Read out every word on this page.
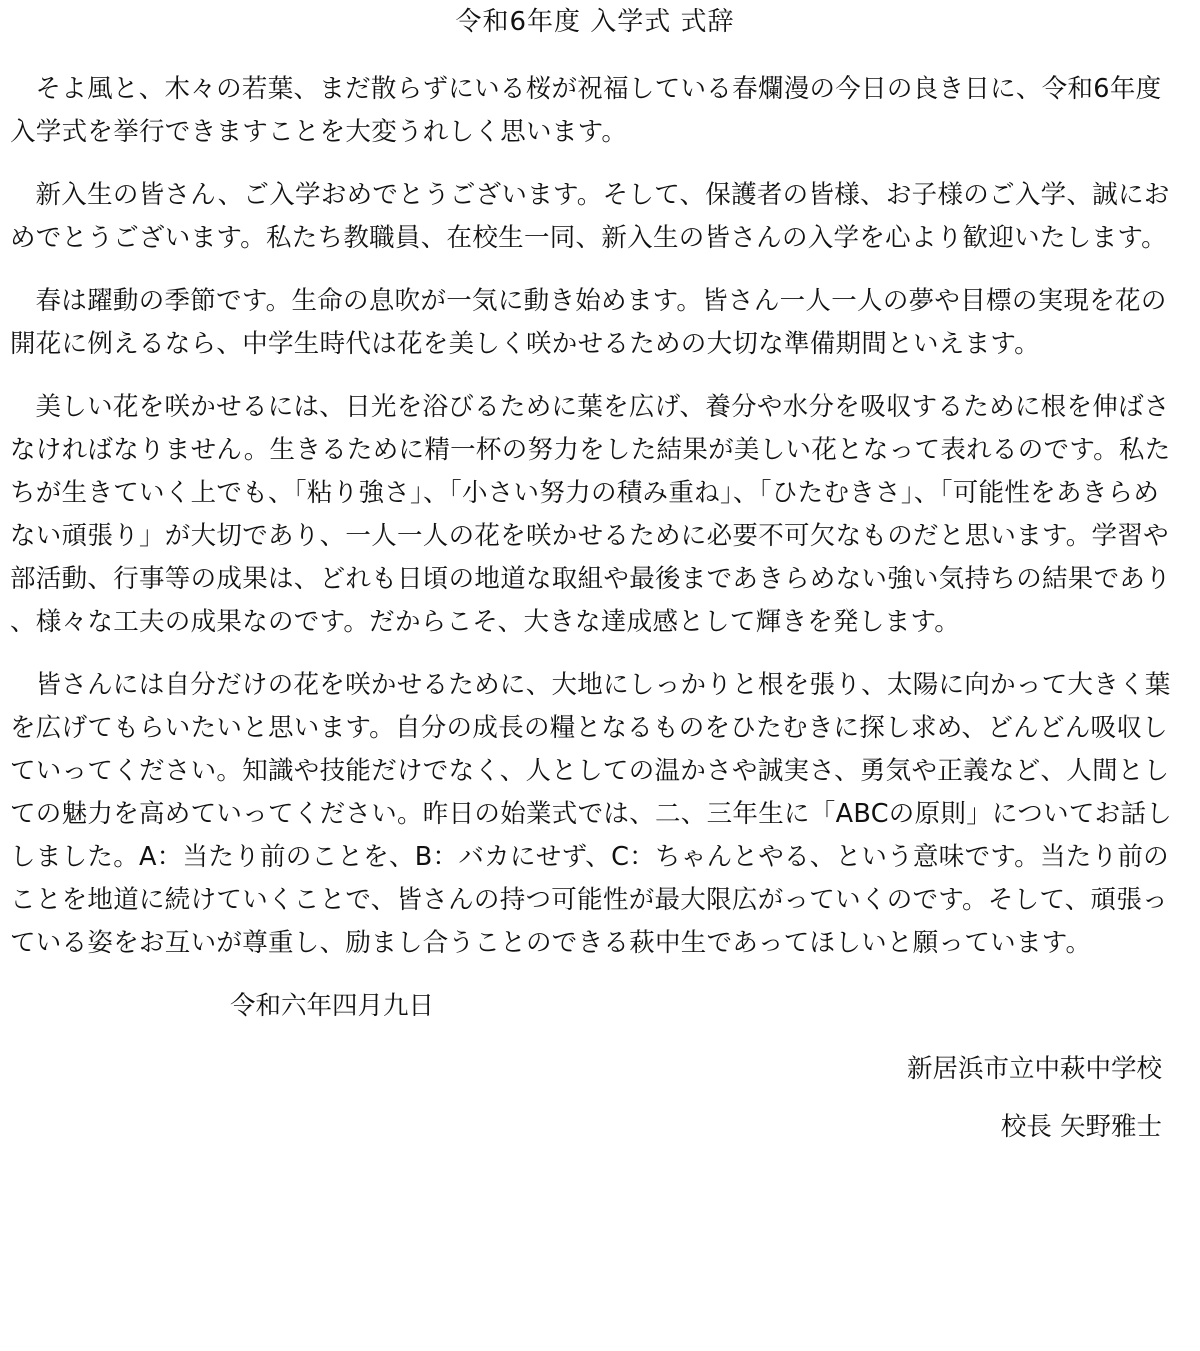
令和6年度 入学式 式辞

そよ風と、木々の若葉、まだ散らずにいる桜が祝福している春爛漫の今日の良き日に、令和6年度入学式を挙行できますことを大変うれしく思います。

新入生の皆さん、ご入学おめでとうございます。そして、保護者の皆様、お子様のご入学、誠におめでとうございます。私たち教職員、在校生一同、新入生の皆さんの入学を心より歓迎いたします。

春は躍動の季節です。生命の息吹が一気に動き始めます。皆さん一人一人の夢や目標の実現を花の開花に例えるなら、中学生時代は花を美しく咲かせるための大切な準備期間といえます。

美しい花を咲かせるには、日光を浴びるために葉を広げ、養分や水分を吸収するために根を伸ばさなければなりません。生きるために精一杯の努力をした結果が美しい花となって表れるのです。私たちが生きていく上でも、「粘り強さ」、「小さい努力の積み重ね」、「ひたむきさ」、「可能性をあきらめない頑張り」が大切であり、一人一人の花を咲かせるために必要不可欠なものだと思います。学習や部活動、行事等の成果は、どれも日頃の地道な取組や最後まであきらめない強い気持ちの結果であり、様々な工夫の成果なのです。だからこそ、大きな達成感として輝きを発します。

皆さんには自分だけの花を咲かせるために、大地にしっかりと根を張り、太陽に向かって大きく葉を広げてもらいたいと思います。自分の成長の糧となるものをひたむきに探し求め、どんどん吸収していってください。知識や技能だけでなく、人としての温かさや誠実さ、勇気や正義など、人間としての魅力を高めていってください。昨日の始業式では、二、三年生に「ABCの原則」についてお話ししました。A：当たり前のことを、B：バカにせず、C：ちゃんとやる、という意味です。当たり前のことを地道に続けていくことで、皆さんの持つ可能性が最大限広がっていくのです。そして、頑張っている姿をお互いが尊重し、励まし合うことのできる萩中生であってほしいと願っています。

令和六年四月九日

新居浜市立中萩中学校

校長 矢野雅士
